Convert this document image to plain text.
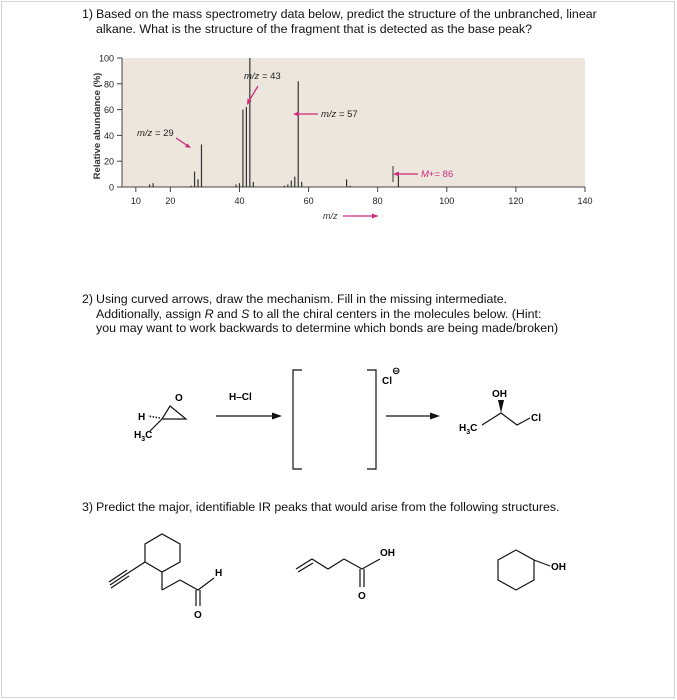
1) Based on the mass spectrometry data below, predict the structure of the unbranched, linear alkane. What is the structure of the fragment that is detected as the base peak?
0
20
40
60
80
100
10	20	40	60	80	100	120	140
Relative abundance (%)
m/z
m/z = 43
m/z = 57
m/z = 29
M+= 86
2) Using curved arrows, draw the mechanism. Fill in the missing intermediate. Additionally, assign R and S to all the chiral centers in the molecules below. (Hint: you may want to work backwards to determine which bonds are being made/broken)
O
H
$H_3C$
H–Cl
Cl
⊖
OH
Cl
$H_3C$
3) Predict the major, identifiable IR peaks that would arise from the following structures.
H
O
OH
O
OH
